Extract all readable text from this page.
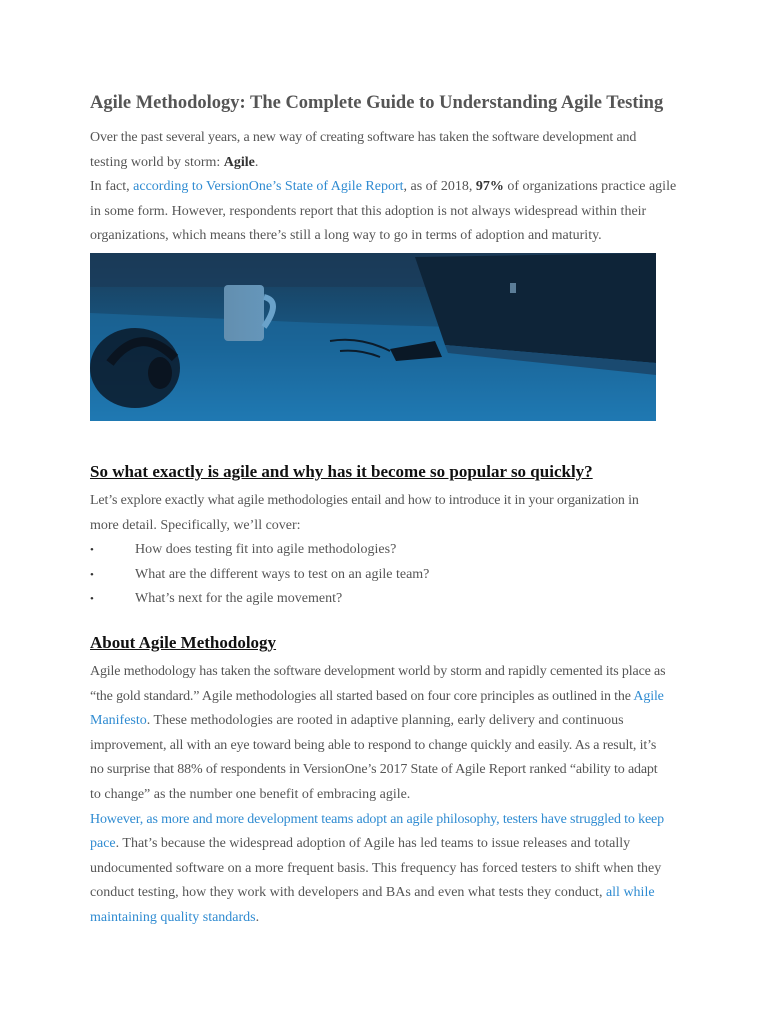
Agile Methodology: The Complete Guide to Understanding Agile Testing

Over the past several years, a new way of creating software has taken the software development and

testing world by storm: Agile.

In fact, according to VersionOne’s State of Agile Report, as of 2018, 97% of organizations practice agile

in some form. However, respondents report that this adoption is not always widespread within their

organizations, which means there’s still a long way to go in terms of adoption and maturity.

So what exactly is agile and why has it become so popular so quickly?

Let’s explore exactly what agile methodologies entail and how to introduce it in your organization in

more detail. Specifically, we’ll cover:

•	How does testing fit into agile methodologies?
•	What are the different ways to test on an agile team?
•	What’s next for the agile movement?
About Agile Methodology

Agile methodology has taken the software development world by storm and rapidly cemented its place as

“the gold standard.” Agile methodologies all started based on four core principles as outlined in the Agile

Manifesto. These methodologies are rooted in adaptive planning, early delivery and continuous

improvement, all with an eye toward being able to respond to change quickly and easily. As a result, it’s

no surprise that 88% of respondents in VersionOne’s 2017 State of Agile Report ranked “ability to adapt

to change” as the number one benefit of embracing agile.

However, as more and more development teams adopt an agile philosophy, testers have struggled to keep

pace. That’s because the widespread adoption of Agile has led teams to issue releases and totally

undocumented software on a more frequent basis. This frequency has forced testers to shift when they

conduct testing, how they work with developers and BAs and even what tests they conduct, all while

maintaining quality standards.
